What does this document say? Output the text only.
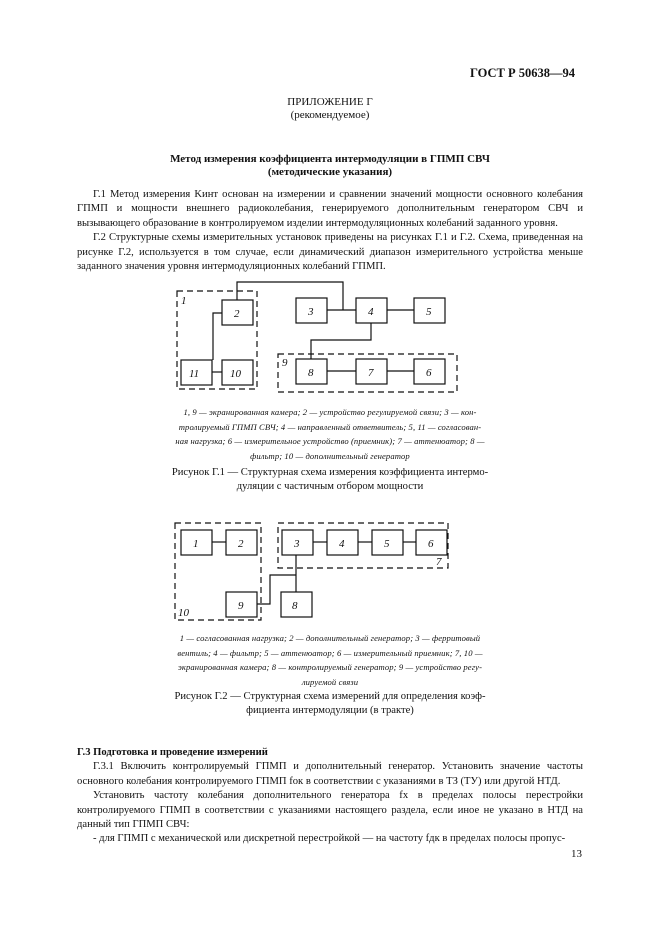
ГОСТ Р 50638—94
ПРИЛОЖЕНИЕ Г
(рекомендуемое)
Метод измерения коэффициента интермодуляции в ГПМП СВЧ
(методические указания)

Г.1 Метод измерения Kинт основан на измерении и сравнении значений мощности основного колебания ГПМП и мощности внешнего радиоколебания, генерируемого дополнительным генератором СВЧ и вызывающего образование в контролируемом изделии интермодуляционных колебаний заданного уровня.

Г.2 Структурные схемы измерительных установок приведены на рисунках Г.1 и Г.2. Схема, приведенная на рисунке Г.2, используется в том случае, если динамический диапазон измерительного устройства меньше заданного значения уровня интермодуляционных колебаний ГПМП.

1
2	3	4	5
6
7
8
9
10
11
1, 9 — экранированная камера; 2 — устройство регулируемой связи; 3 — кон-
тролируемый ГПМП СВЧ; 4 — направленный ответвитель; 5, 11 — согласован-
ная нагрузка; 6 — измерительное устройство (приемник); 7 — аттенюатор; 8 —
фильтр; 10 — дополнительный генератор
Рисунок Г.1 — Структурная схема измерения коэффициента интермо-
дуляции с частичным отбором мощности
1	2	3	4	5	6
7
8
9
10
1 — согласованная нагрузка; 2 — дополнительный генератор; 3 — ферритовый
вентиль; 4 — фильтр; 5 — аттенюатор; 6 — измерительный приемник; 7, 10 —
экранированная камера; 8 — контролируемый генератор; 9 — устройство регу-
лируемой связи
Рисунок Г.2 — Структурная схема измерений для определения коэф-
фициента интермодуляции (в тракте)
Г.3 Подготовка и проведение измерений

Г.3.1 Включить контролируемый ГПМП и дополнительный генератор. Установить значение частоты основного колебания контролируемого ГПМП fок в соответствии с указаниями в ТЗ (ТУ) или другой НТД.

Установить частоту колебания дополнительного генератора fx в пределах полосы перестройки контролируемого ГПМП в соответствии с указаниями настоящего раздела, если иное не указано в НТД на данный тип ГПМП СВЧ:

- для ГПМП с механической или дискретной перестройкой — на частоту fдк в пределах полосы пропус-

13
